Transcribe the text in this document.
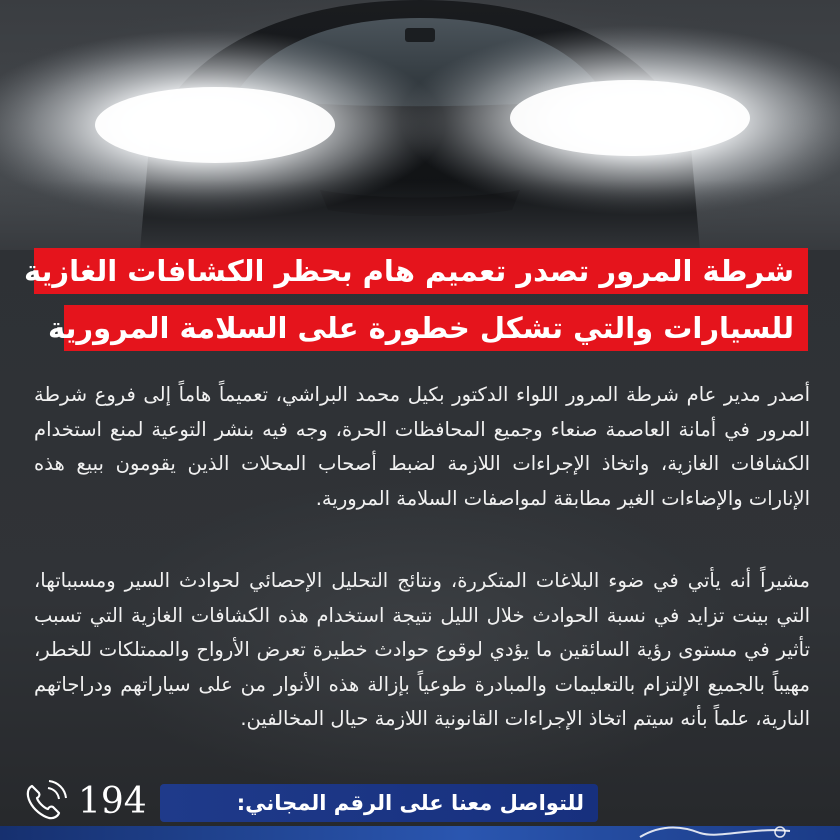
شرطة المرور تصدر تعميم هام بحظر الكشافات الغازية
للسيارات والتي تشكل خطورة على السلامة المرورية

أصدر مدير عام شرطة المرور اللواء الدكتور بكيل محمد البراشي، تعميماً هاماً إلى فروع شرطة المرور في أمانة العاصمة صنعاء وجميع المحافظات الحرة، وجه فيه بنشر التوعية لمنع استخدام الكشافات الغازية، واتخاذ الإجراءات اللازمة لضبط أصحاب المحلات الذين يقومون ببيع هذه الإنارات والإضاءات الغير مطابقة لمواصفات السلامة المرورية.

مشيراً أنه يأتي في ضوء البلاغات المتكررة، ونتائج التحليل الإحصائي لحوادث السير ومسبباتها، التي بينت تزايد في نسبة الحوادث خلال الليل نتيجة استخدام هذه الكشافات الغازية التي تسبب تأثير في مستوى رؤية السائقين ما يؤدي لوقوع حوادث خطيرة تعرض الأرواح والممتلكات للخطر، مهيباً بالجميع الإلتزام بالتعليمات والمبادرة طوعياً بإزالة هذه الأنوار من على سياراتهم ودراجاتهم النارية، علماً بأنه سيتم اتخاذ الإجراءات القانونية اللازمة حيال المخالفين.

194	للتواصل معنا على الرقم المجاني:
